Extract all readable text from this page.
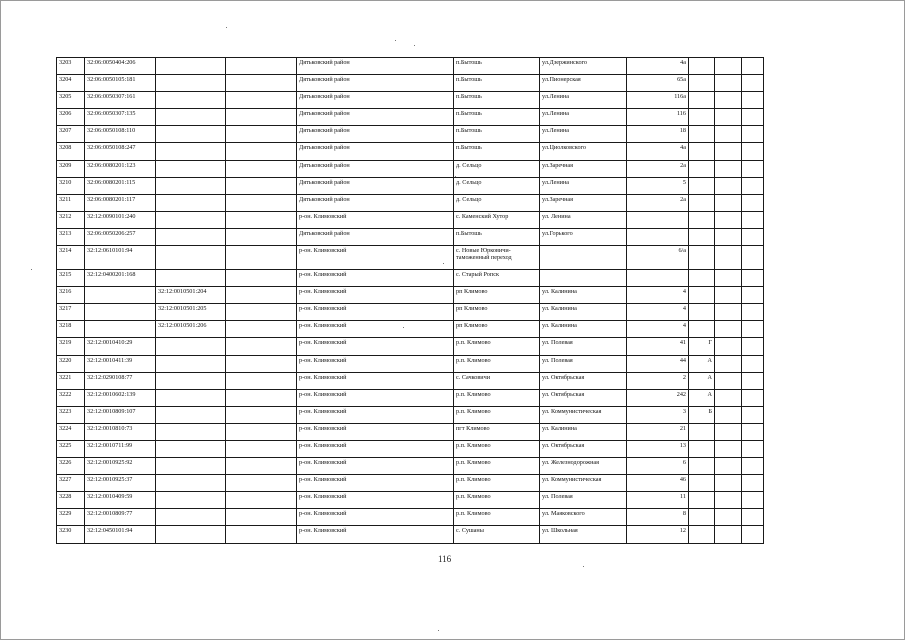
3203	32:06:0050404:206			Дятьковский район	п.Бытошь	ул.Дзержинского	4а			
3204	32:06:0050105:181			Дятьковский район	п.Бытошь	ул.Пионерская	65а			
3205	32:06:0050307:161			Дятьковский район	п.Бытошь	ул.Ленина	116а			
3206	32:06:0050307:135			Дятьковский район	п.Бытошь	ул.Ленина	116			
3207	32:06:0050108:110			Дятьковский район	п.Бытошь	ул.Ленина	18			
3208	32:06:0050108:247			Дятьковский район	п.Бытошь	ул.Циолковского	4а			
3209	32:06:0080201:123			Дятьковский район	д. Сельцо	ул.Заречная	2а			
3210	32:06:0080201:115			Дятьковский район	д. Сельцо	ул.Ленина	5			
3211	32:06:0080201:117			Дятьковский район	д. Сельцо	ул.Заречная	2а			
3212	32:12:0090101:240			р-он. Климовский	с. Каменский Хутор	ул. Ленина				
3213	32:06:0050206:257			Дятьковский район	п.Бытошь	ул.Горького				
3214	32:12:0610101:94			р-он. Климовский	с. Новые Юрковичи-таможенный переход		6/а			
3215	32:12:0400201:168			р-он. Климовский	с. Старый Ропск					
3216		32:12:0010501:204		р-он. Климовский	рп Климово	ул. Калинина	4			
3217		32:12:0010501:205		р-он. Климовский	рп Климово	ул. Калинина	4			
3218		32:12:0010501:206		р-он. Климовский	рп Климово	ул. Калинина	4			
3219	32:12:0010410:29			р-он. Климовский	р.п. Климово	ул. Полевая	41	Г		
3220	32:12:0010411:39			р-он. Климовский	р.п. Климово	ул. Полевая	44	А		
3221	32:12:0290108:77			р-он. Климовский	с. Сачковичи	ул. Октябрьская	2	А		
3222	32:12:0010602:139			р-он. Климовский	р.п. Климово	ул. Октябрьская	242	А		
3223	32:12:0010809:107			р-он. Климовский	р.п. Климово	ул. Коммунистическая	3	Б		
3224	32:12:0010810:73			р-он. Климовский	пгт Климово	ул. Калинина	21			
3225	32:12:0010711:99			р-он. Климовский	р.п. Климово	ул. Октябрьская	13			
3226	32:12:0010925:92			р-он. Климовский	р.п. Климово	ул. Железнодорожная	6			
3227	32:12:0010925:37			р-он. Климовский	р.п. Климово	ул. Коммунистическая	46			
3228	32:12:0010409:59			р-он. Климовский	р.п. Климово	ул. Полевая	11			
3229	32:12:0010809:77			р-он. Климовский	р.п. Климово	ул. Маяковского	8			
3230	32:12:0450101:94			р-он. Климовский	с. Сушаны	ул. Школьная	12			
116
